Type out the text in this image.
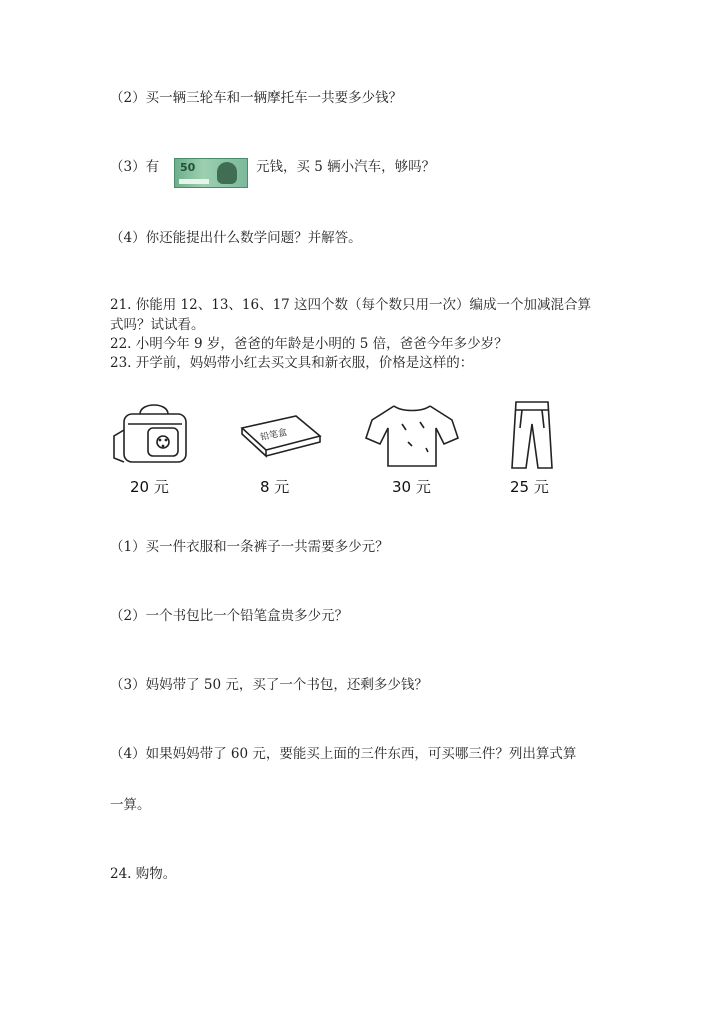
（2）买一辆三轮车和一辆摩托车一共要多少钱？
（3）有 50	元钱，买 5 辆小汽车，够吗？
（4）你还能提出什么数学问题？并解答。
21. 你能用 12、13、16、17 这四个数（每个数只用一次）编成一个加减混合算
式吗？试试看。
22. 小明今年 9 岁，爸爸的年龄是小明的 5 倍，爸爸今年多少岁？
23. 开学前，妈妈带小红去买文具和新衣服，价格是这样的：
20 元
铅笔盒
8 元	30 元	25 元
（1）买一件衣服和一条裤子一共需要多少元？
（2）一个书包比一个铅笔盒贵多少元？
（3）妈妈带了 50 元，买了一个书包，还剩多少钱？
（4）如果妈妈带了 60 元，要能买上面的三件东西，可买哪三件？列出算式算
一算。
24. 购物。
